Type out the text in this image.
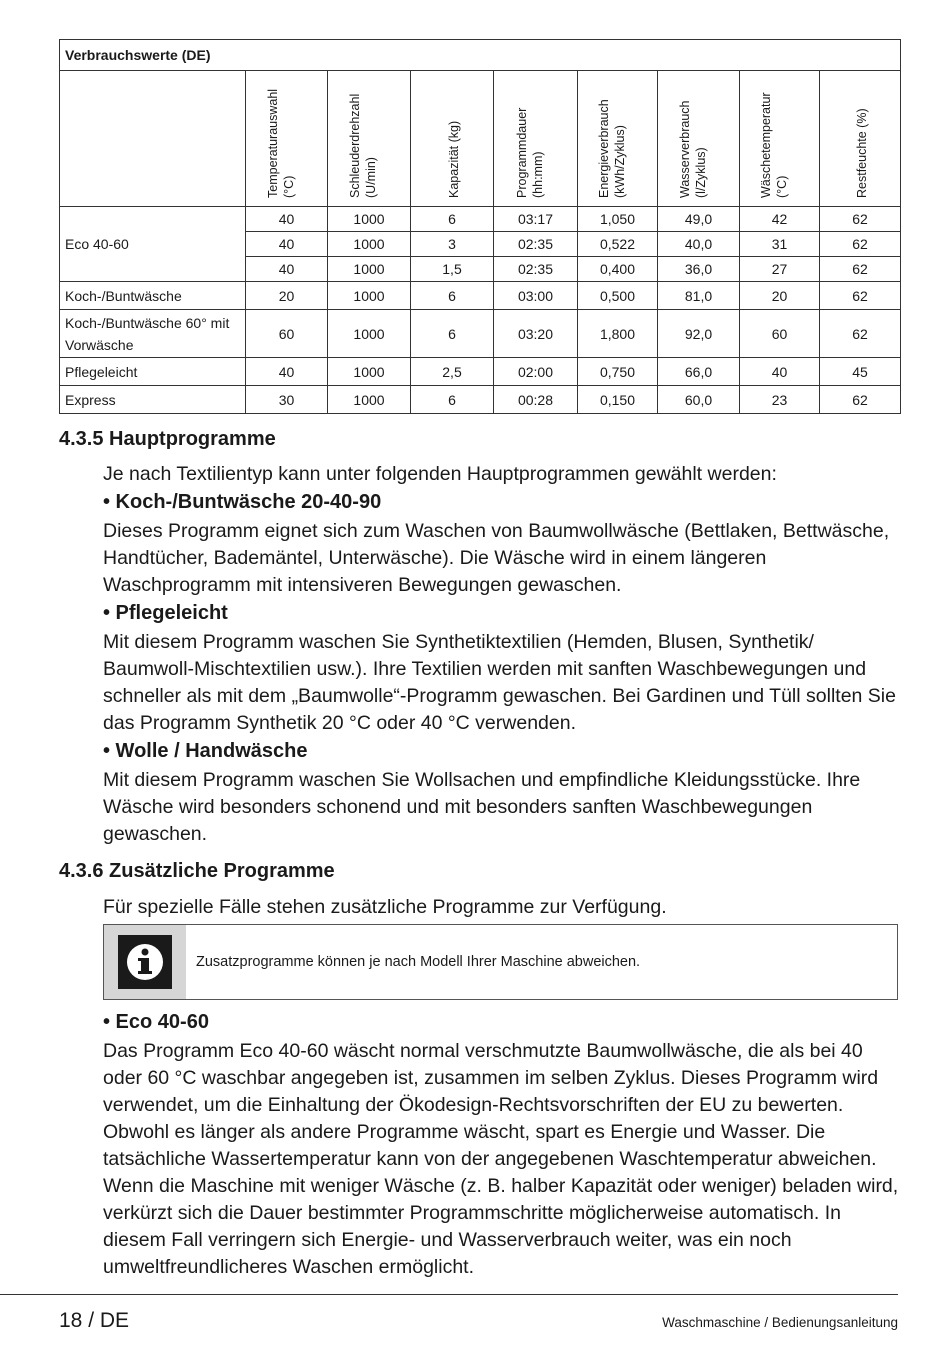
Verbrauchswerte (DE)								

	Temperaturauswahl (°C)	Schleuderdrehzahl (U/min)	Kapazität (kg)	Programmdauer (hh:mm)	Energieverbrauch (kWh/Zyklus)	Wasserverbrauch (l/Zyklus)	Wäschetemperatur (°C)	Restfeuchte (%)

Eco 40-60	40	1000	6	03:17	1,050	49,0	42	62
	40	1000	3	02:35	0,522	40,0	31	62
	40	1000	1,5	02:35	0,400	36,0	27	62
Koch-/Buntwäsche	20	1000	6	03:00	0,500	81,0	20	62
Koch-/Buntwäsche 60° mit Vorwäsche	60	1000	6	03:20	1,800	92,0	60	62
Pflegeleicht	40	1000	2,5	02:00	0,750	66,0	40	45
Express	30	1000	6	00:28	0,150	60,0	23	62
4.3.5 Hauptprogramme

Je nach Textilientyp kann unter folgenden Hauptprogrammen gewählt werden:

• Koch-/Buntwäsche 20-40-90

Dieses Programm eignet sich zum Waschen von Baumwollwäsche (Bettlaken, Bettwäsche, Handtücher, Bademäntel, Unterwäsche). Die Wäsche wird in einem längeren Waschprogramm mit intensiveren Bewegungen gewaschen.

• Pflegeleicht

Mit diesem Programm waschen Sie Synthetiktextilien (Hemden, Blusen, Synthetik/ Baumwoll-Mischtextilien usw.). Ihre Textilien werden mit sanften Waschbewegungen und schneller als mit dem „Baumwolle“-Programm gewaschen. Bei Gardinen und Tüll sollten Sie das Programm Synthetik 20 °C oder 40 °C verwenden.

• Wolle / Handwäsche

Mit diesem Programm waschen Sie Wollsachen und empfindliche Kleidungsstücke. Ihre Wäsche wird besonders schonend und mit besonders sanften Waschbewegungen gewaschen.

4.3.6 Zusätzliche Programme

Für spezielle Fälle stehen zusätzliche Programme zur Verfügung.

Zusatzprogramme können je nach Modell Ihrer Maschine abweichen.
• Eco 40-60

Das Programm Eco 40-60 wäscht normal verschmutzte Baumwollwäsche, die als bei 40 oder 60 °C waschbar angegeben ist, zusammen im selben Zyklus. Dieses Programm wird verwendet, um die Einhaltung der Ökodesign-Rechtsvorschriften der EU zu bewerten. Obwohl es länger als andere Programme wäscht, spart es Energie und Wasser. Die tatsächliche Wassertemperatur kann von der angegebenen Waschtemperatur abweichen. Wenn die Maschine mit weniger Wäsche (z. B. halber Kapazität oder weniger) beladen wird, verkürzt sich die Dauer bestimmter Programmschritte möglicherweise automatisch. In diesem Fall verringern sich Energie- und Wasserverbrauch weiter, was ein noch umweltfreundlicheres Waschen ermöglicht.

18 / DE	Waschmaschine / Bedienungsanleitung
